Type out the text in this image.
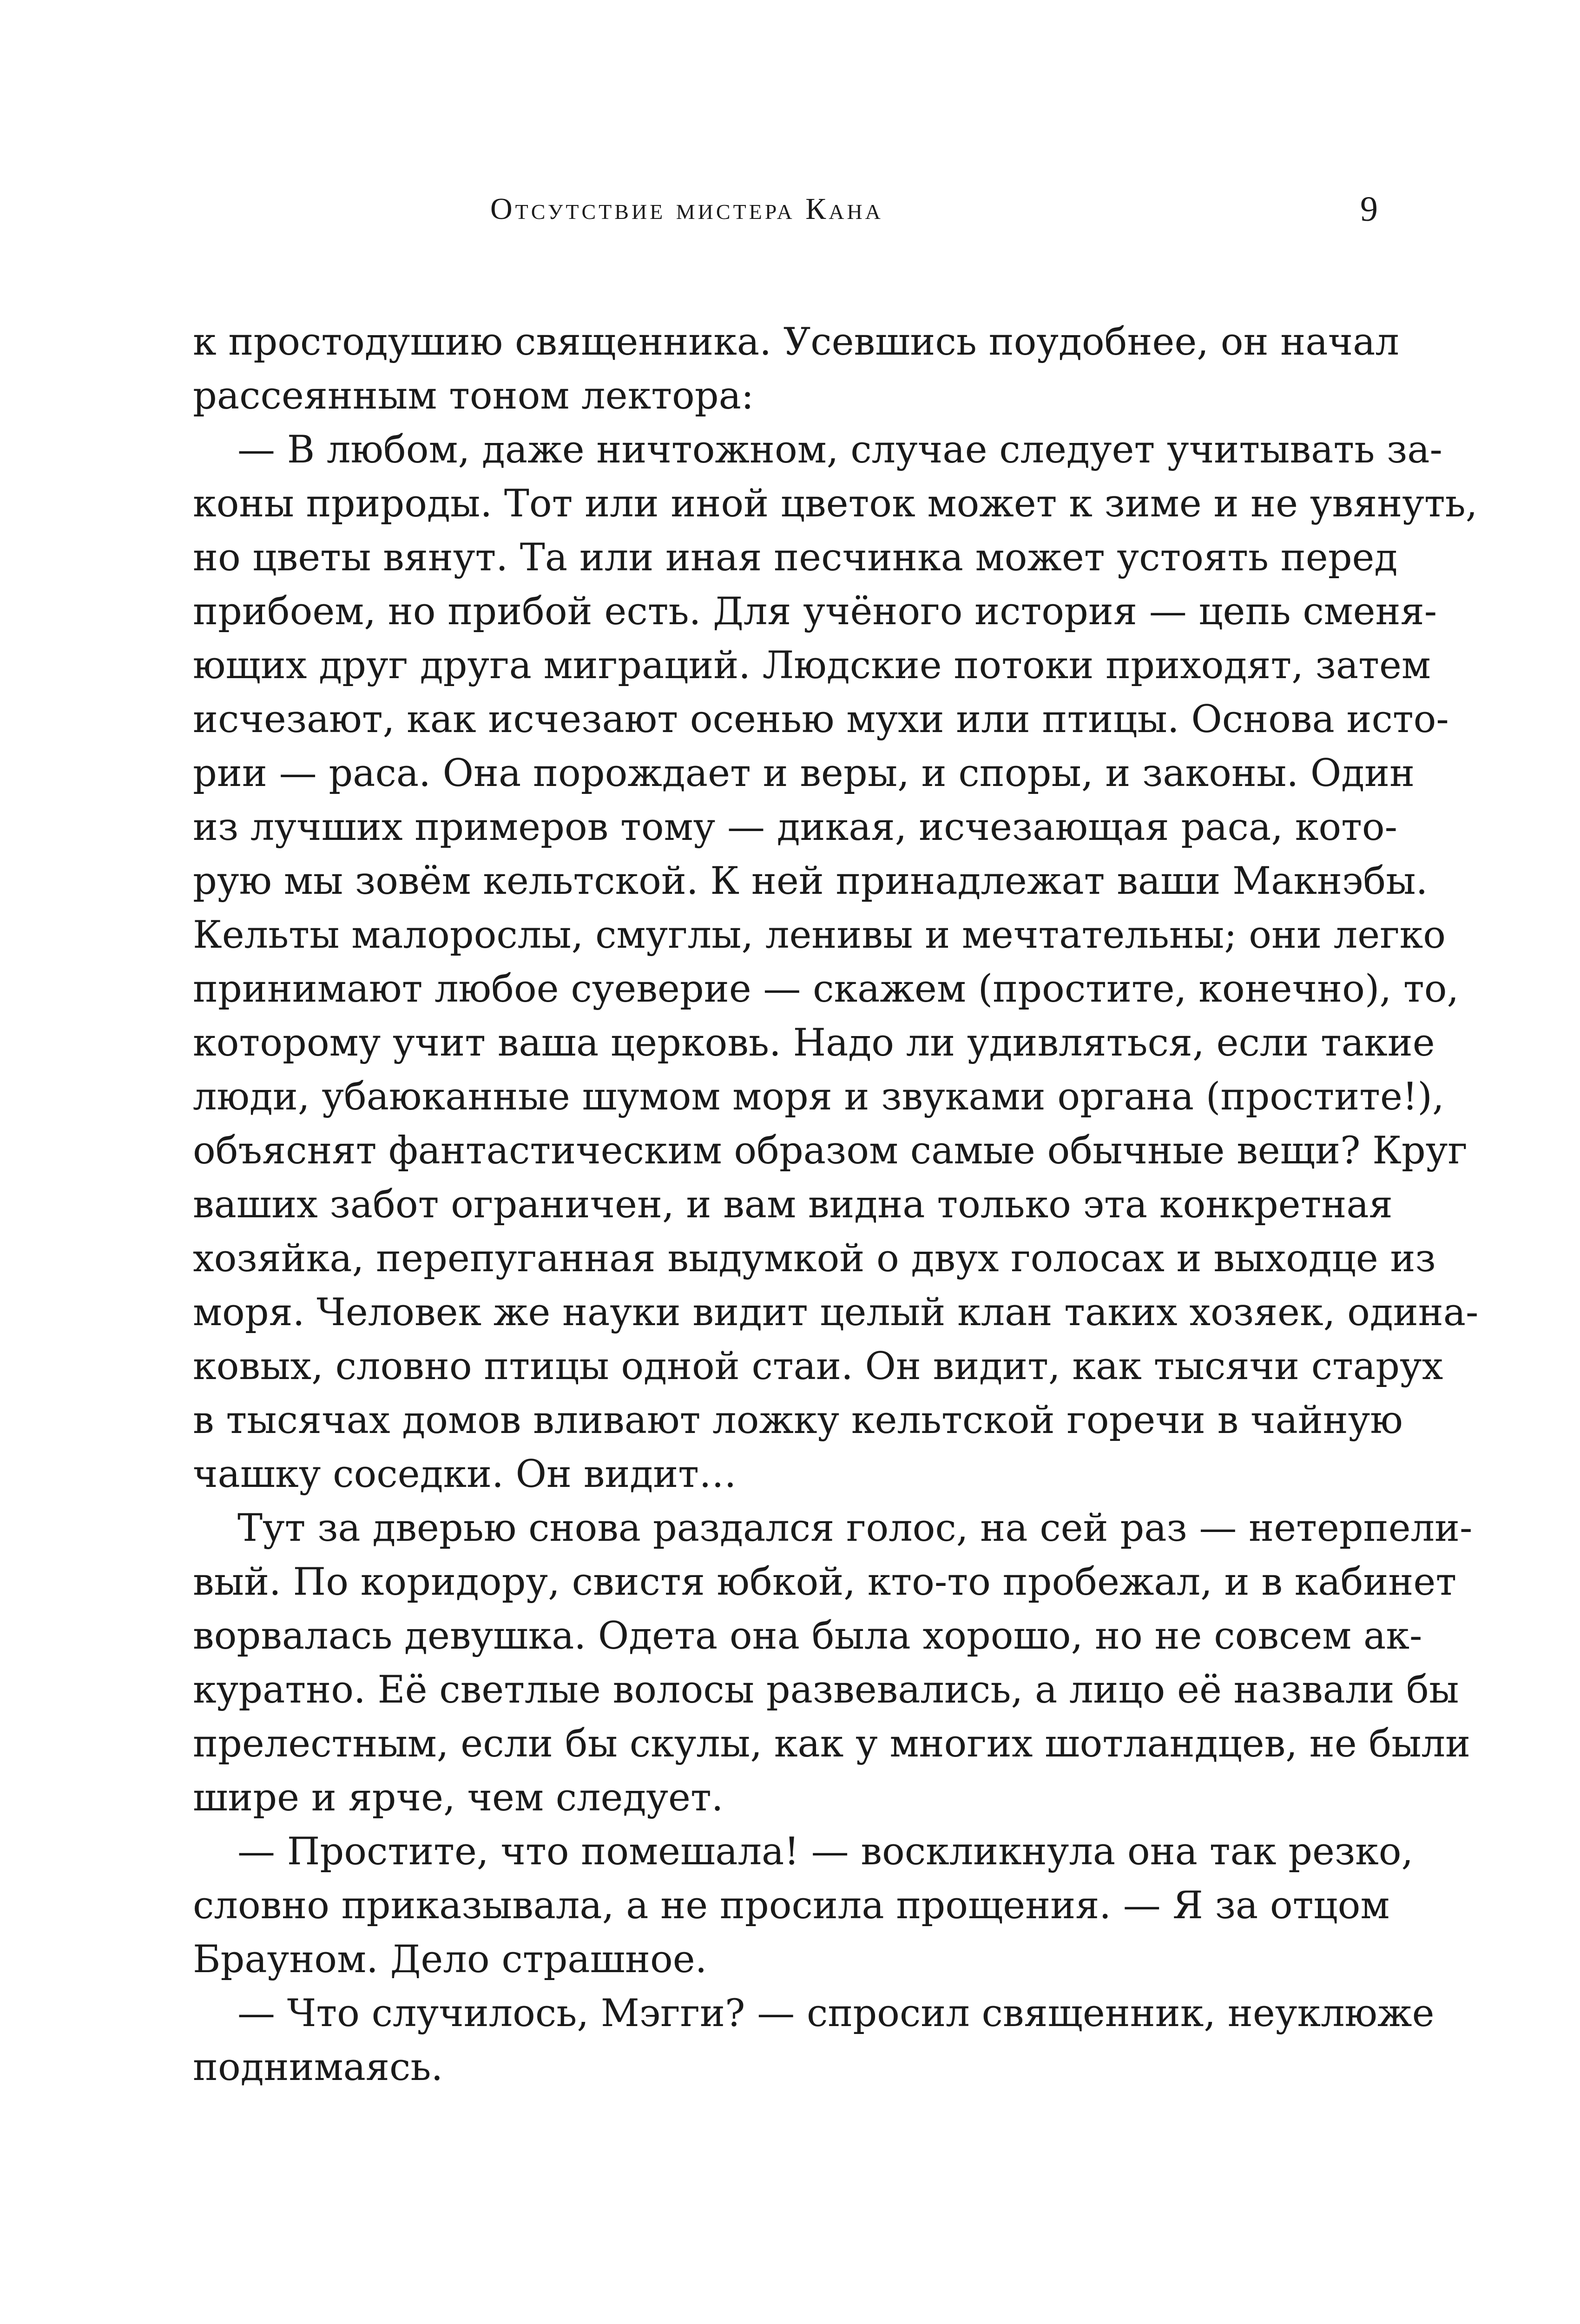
Отсутствие мистера Кана	9
к простодушию священника. Усевшись поудобнее, он начал
рассеянным тоном лектора:
— В любом, даже ничтожном, случае следует учитывать за-
коны природы. Тот или иной цветок может к зиме и не увянуть,
но цветы вянут. Та или иная песчинка может устоять перед
прибоем, но прибой есть. Для учёного история — цепь сменя-
ющих друг друга миграций. Людские потоки приходят, затем
исчезают, как исчезают осенью мухи или птицы. Основа исто-
рии — раса. Она порождает и веры, и споры, и законы. Один
из лучших примеров тому — дикая, исчезающая раса, кото-
рую мы зовём кельтской. К ней принадлежат ваши Макнэбы.
Кельты малорослы, смуглы, ленивы и мечтательны; они легко
принимают любое суеверие — скажем (простите, конечно), то,
которому учит ваша церковь. Надо ли удивляться, если такие
люди, убаюканные шумом моря и звуками органа (простите!),
объяснят фантастическим образом самые обычные вещи? Круг
ваших забот ограничен, и вам видна только эта конкретная
хозяйка, перепуганная выдумкой о двух голосах и выходце из
моря. Человек же науки видит целый клан таких хозяек, одина-
ковых, словно птицы одной стаи. Он видит, как тысячи старух
в тысячах домов вливают ложку кельтской горечи в чайную
чашку соседки. Он видит…
Тут за дверью снова раздался голос, на сей раз — нетерпели-
вый. По коридору, свистя юбкой, кто-то пробежал, и в кабинет
ворвалась девушка. Одета она была хорошо, но не совсем ак-
куратно. Её светлые волосы развевались, а лицо её назвали бы
прелестным, если бы скулы, как у многих шотландцев, не были
шире и ярче, чем следует.
— Простите, что помешала! — воскликнула она так резко,
словно приказывала, а не просила прощения. — Я за отцом
Брауном. Дело страшное.
— Что случилось, Мэгги? — спросил священник, неуклюже
поднимаясь.
